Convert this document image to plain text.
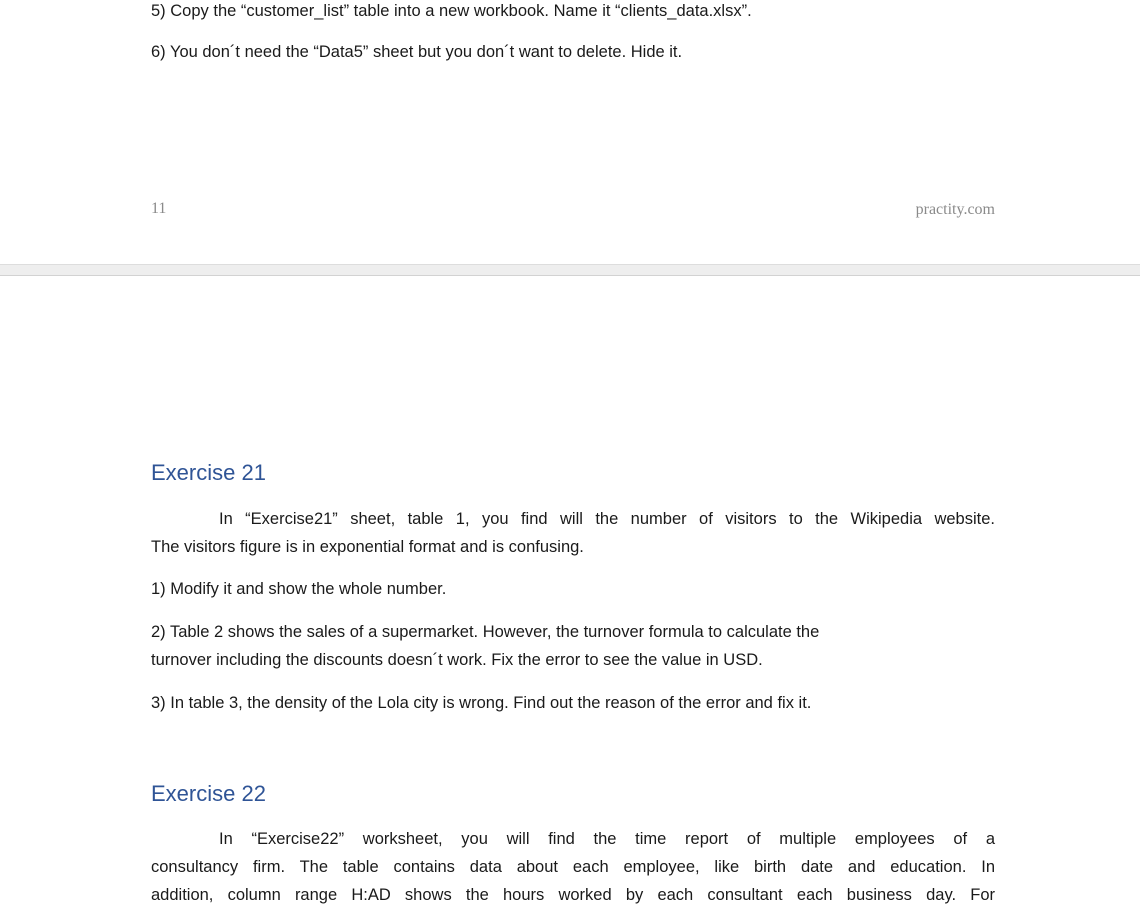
5) Copy the “customer_list” table into a new workbook. Name it “clients_data.xlsx”.

6) You don´t need the “Data5” sheet but you don´t want to delete. Hide it.

11	practity.com

Exercise 21

In “Exercise21” sheet, table 1, you find will the number of visitors to the Wikipedia website.

The visitors figure is in exponential format and is confusing.

1) Modify it and show the whole number.

2) Table 2 shows the sales of a supermarket. However, the turnover formula to calculate the

turnover including the discounts doesn´t work. Fix the error to see the value in USD.

3) In table 3, the density of the Lola city is wrong. Find out the reason of the error and fix it.

Exercise 22

In “Exercise22” worksheet, you will find the time report of multiple employees of a

consultancy firm. The table contains data about each employee, like birth date and education. In

addition, column range H:AD shows the hours worked by each consultant each business day. For
